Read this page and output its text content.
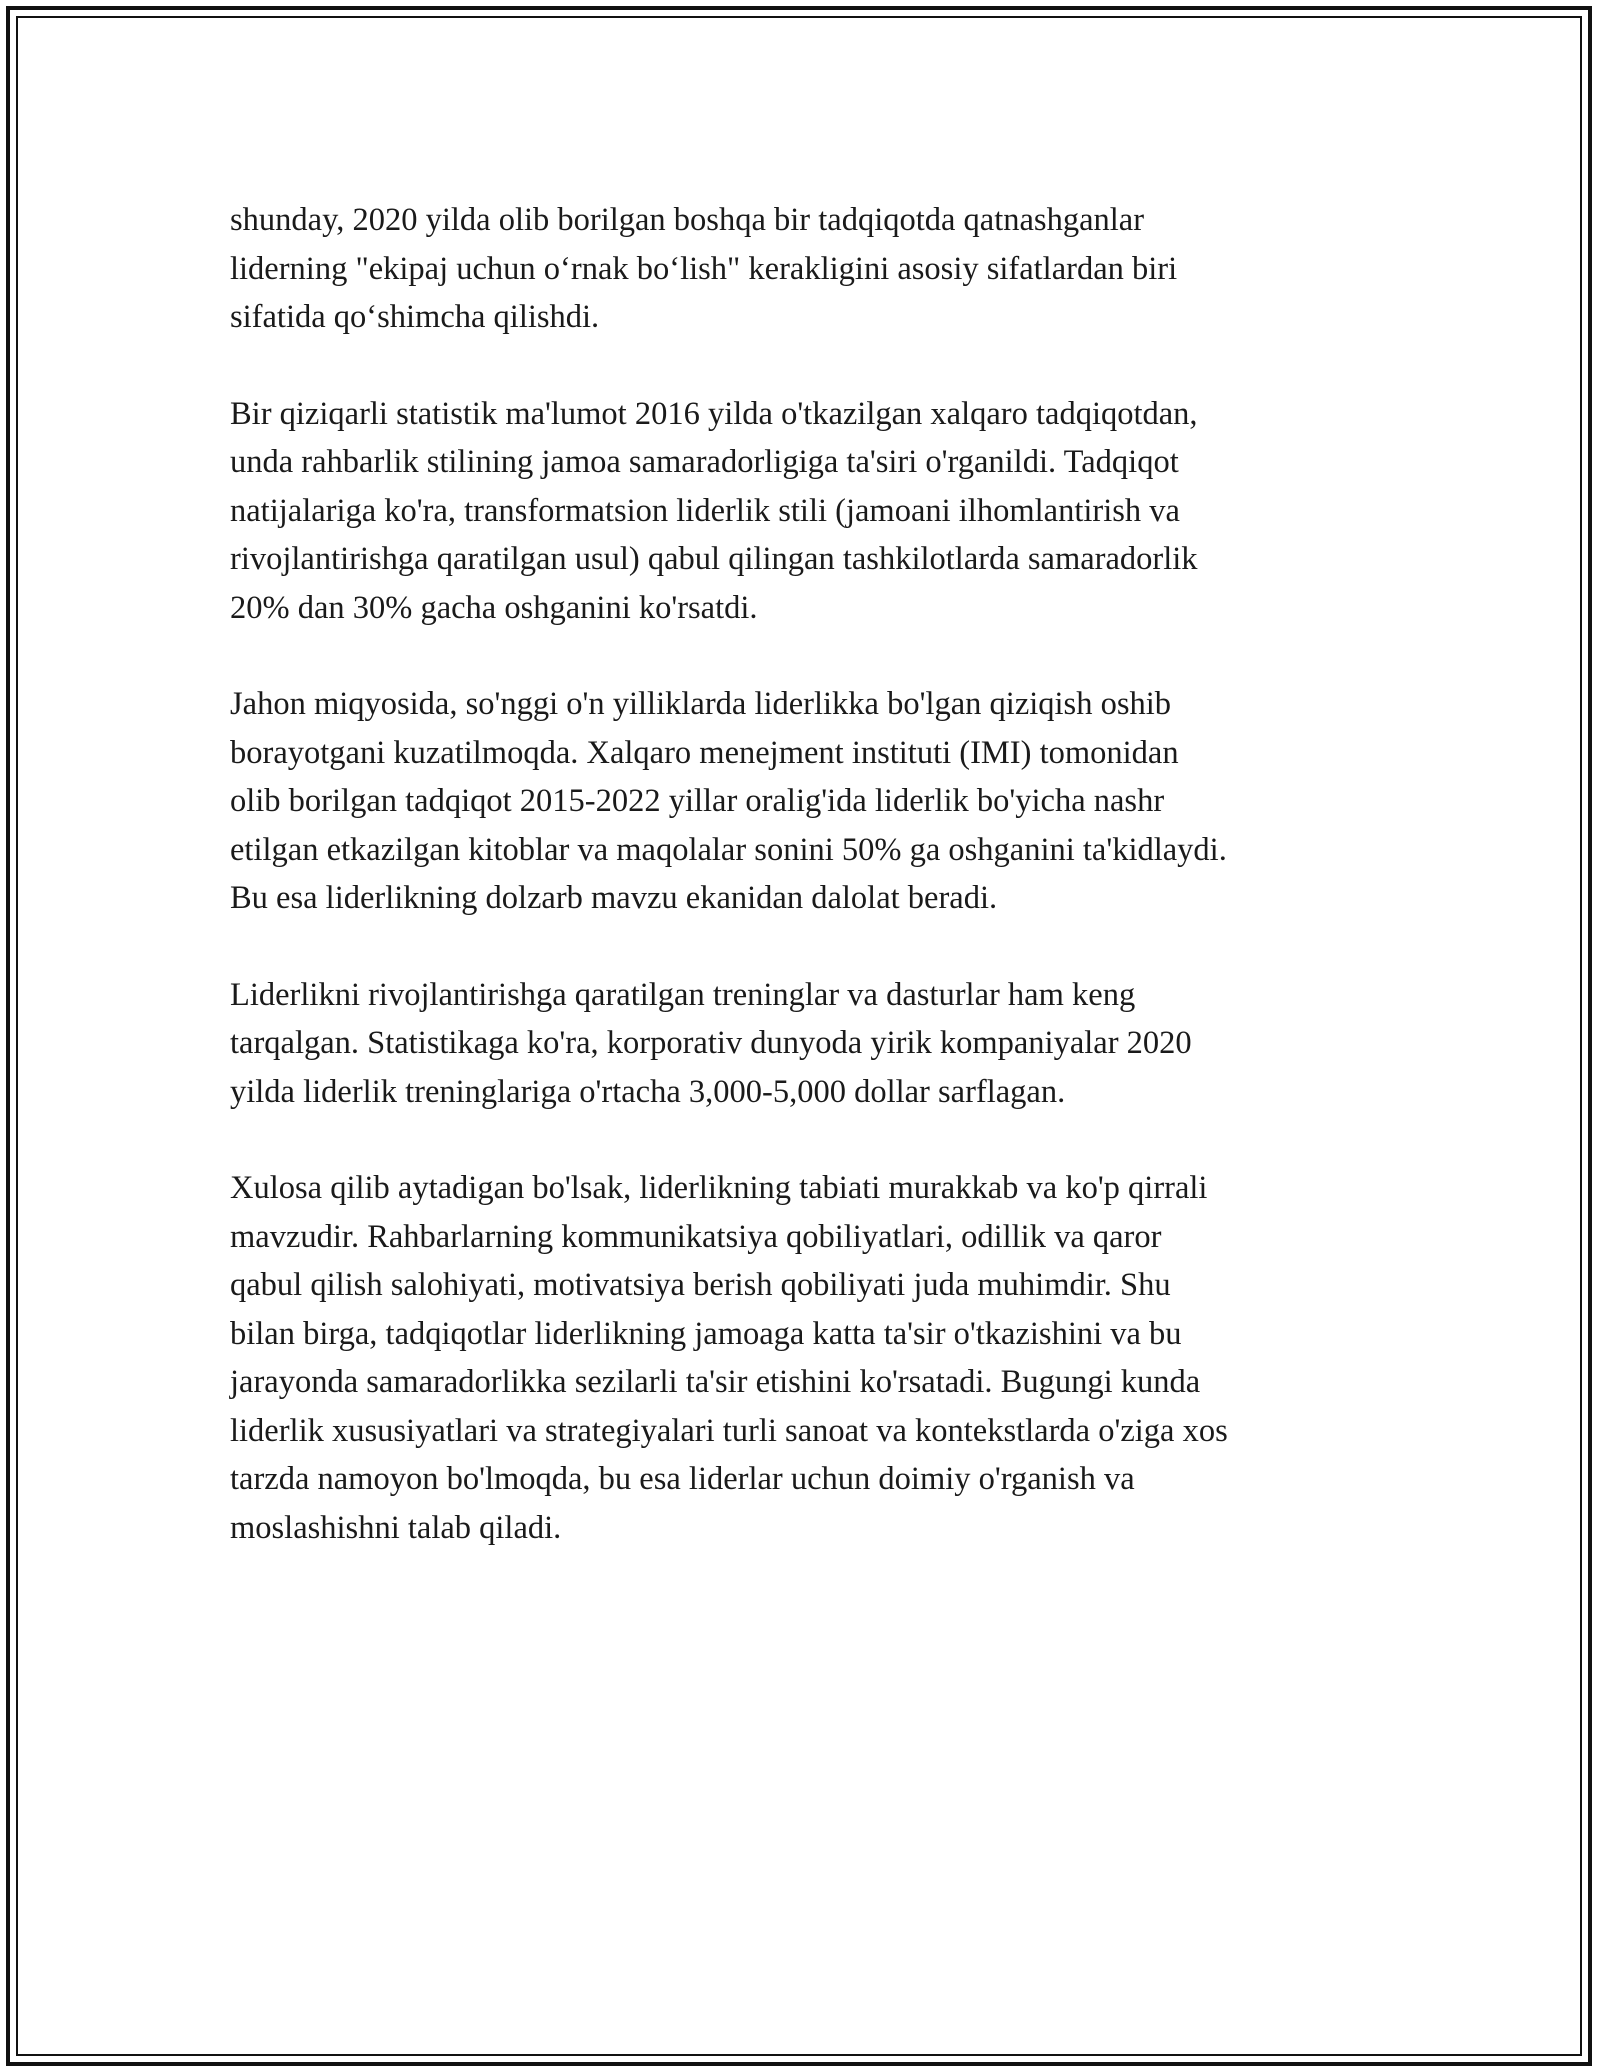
shunday, 2020 yilda olib borilgan boshqa bir tadqiqotda qatnashganlar
liderning "ekipaj uchun o‘rnak bo‘lish" kerakligini asosiy sifatlardan biri
sifatida qo‘shimcha qilishdi.

Bir qiziqarli statistik ma'lumot 2016 yilda o'tkazilgan xalqaro tadqiqotdan,
unda rahbarlik stilining jamoa samaradorligiga ta'siri o'rganildi. Tadqiqot
natijalariga ko'ra, transformatsion liderlik stili (jamoani ilhomlantirish va
rivojlantirishga qaratilgan usul) qabul qilingan tashkilotlarda samaradorlik
20% dan 30% gacha oshganini ko'rsatdi.

Jahon miqyosida, so'nggi o'n yilliklarda liderlikka bo'lgan qiziqish oshib
borayotgani kuzatilmoqda. Xalqaro menejment instituti (IMI) tomonidan
olib borilgan tadqiqot 2015-2022 yillar oralig'ida liderlik bo'yicha nashr
etilgan etkazilgan kitoblar va maqolalar sonini 50% ga oshganini ta'kidlaydi.
Bu esa liderlikning dolzarb mavzu ekanidan dalolat beradi.

Liderlikni rivojlantirishga qaratilgan treninglar va dasturlar ham keng
tarqalgan. Statistikaga ko'ra, korporativ dunyoda yirik kompaniyalar 2020
yilda liderlik treninglariga o'rtacha 3,000-5,000 dollar sarflagan.

Xulosa qilib aytadigan bo'lsak, liderlikning tabiati murakkab va ko'p qirrali
mavzudir. Rahbarlarning kommunikatsiya qobiliyatlari, odillik va qaror
qabul qilish salohiyati, motivatsiya berish qobiliyati juda muhimdir. Shu
bilan birga, tadqiqotlar liderlikning jamoaga katta ta'sir o'tkazishini va bu
jarayonda samaradorlikka sezilarli ta'sir etishini ko'rsatadi. Bugungi kunda
liderlik xususiyatlari va strategiyalari turli sanoat va kontekstlarda o'ziga xos
tarzda namoyon bo'lmoqda, bu esa liderlar uchun doimiy o'rganish va
moslashishni talab qiladi.
